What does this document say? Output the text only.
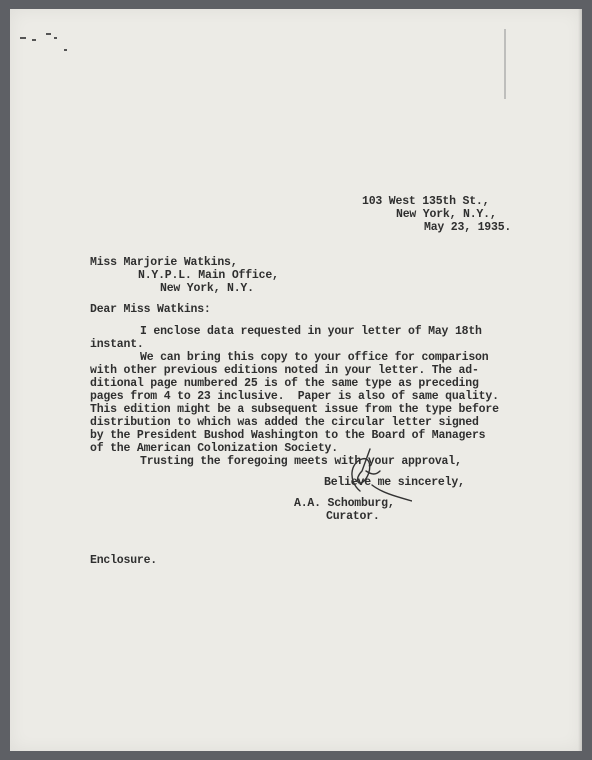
103 West 135th St.,

New York, N.Y.,

May 23, 1935.

Miss Marjorie Watkins,

N.Y.P.L. Main Office,

New York, N.Y.

Dear Miss Watkins:

I enclose data requested in your letter of May 18th

instant.

We can bring this copy to your office for comparison

with other previous editions noted in your letter. The ad-

ditional page numbered 25 is of the same type as preceding

pages from 4 to 23 inclusive.  Paper is also of same quality.

This edition might be a subsequent issue from the type before

distribution to which was added the circular letter signed

by the President Bushod Washington to the Board of Managers

of the American Colonization Society.

Trusting the foregoing meets with your approval,

Believe me sincerely,

A.A. Schomburg,

Curator.

Enclosure.
